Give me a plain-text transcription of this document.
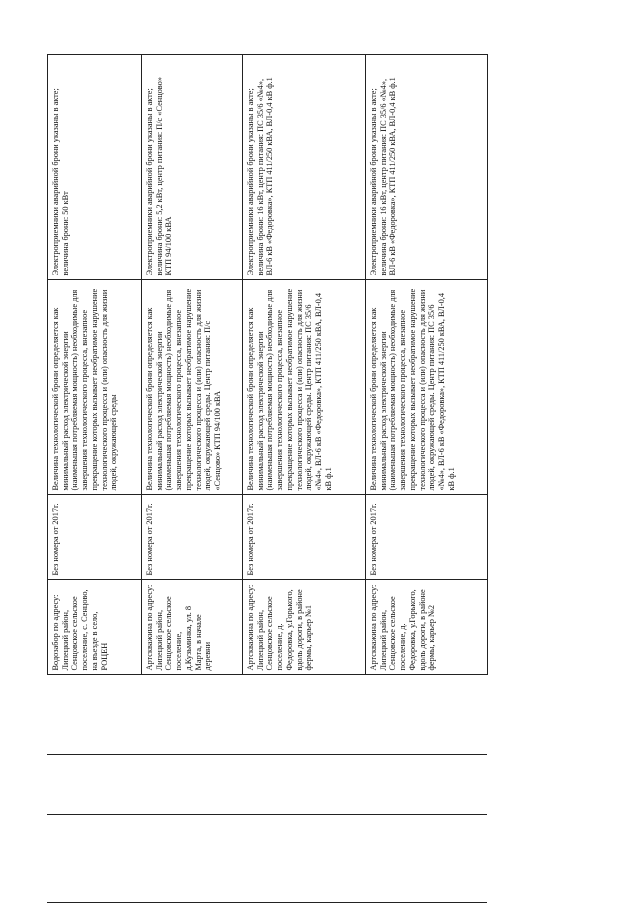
	Водозабор по адресу: Липецкий район, Сенцовское сельское поселение, с. Сенцово, на въезде в село, РОЦЕН	Без номера от 2017г.	Величина технологической брони определяется как минимальный расход электрической энергии (наименьшая потребляемая мощность) необходимые для завершения технологического процесса, внезапное прекращение которых вызывает необратимое нарушение технологического процесса и (или) опасность для жизни людей, окружающей среды	Электроприемники аварийной брони указаны в акте; величина брони: 50 кВт
	Артскважина по адресу: Липецкий район, Сенцовское сельское поселение, д.Кузьминка, ул. 8 Марта, в начале деревни	Без номера от 2017г.	Величина технологической брони определяется как минимальный расход электрической энергии (наименьшая потребляемая мощность) необходимые для завершения технологического процесса, внезапное прекращение которых вызывает необратимое нарушение технологического процесса и (или) опасность для жизни людей, окружающей среды. Центр питания: П/с «Сенцово» КТП 94/100 кВА	Электроприемники аварийной брони указаны в акте; величина брони: 5,2 кВт, центр питания: П/с «Сенцово» КТП 94/100 кВА
	Артскважина по адресу: Липецкий район, Сенцовское сельское поселение, д. Федоровка, у.Горького, вдоль дороги, в районе фермы, карьер №1	Без номера от 2017г.	Величина технологической брони определяется как минимальный расход электрической энергии (наименьшая потребляемая мощность) необходимые для завершения технологического процесса, внезапное прекращение которых вызывает необратимое нарушение технологического процесса и (или) опасность для жизни людей, окружающей среды. Центр питания: ПС 35/6 «№4», ВЛ-6 кВ «Федоровка», КТП 411/250 кВА, ВЛ-0,4 кВ ф.1	Электроприемники аварийной брони указаны в акте; величина брони: 16 кВт, центр питания: ПС 35/6 «№4», ВЛ-6 кВ «Федоровка», КТП 411/250 кВА, ВЛ-0,4 кВ ф.1
	Артскважина по адресу: Липецкий район, Сенцовское сельское поселение, д. Федоровка, у.Горького, вдоль дороги, в районе фермы, карьер №2	Без номера от 2017г.	Величина технологической брони определяется как минимальный расход электрической энергии (наименьшая потребляемая мощность) необходимые для завершения технологического процесса, внезапное прекращение которых вызывает необратимое нарушение технологического процесса и (или) опасность для жизни людей, окружающей среды. Центр питания: ПС 35/6 «№4», ВЛ-6 кВ «Федоровка», КТП 411/250 кВА, ВЛ-0,4 кВ ф.1	Электроприемники аварийной брони указаны в акте; величина брони: 16 кВт, центр питания: ПС 35/6 «№4», ВЛ-6 кВ «Федоровка», КТП 411/250 кВА, ВЛ-0,4 кВ ф.1
